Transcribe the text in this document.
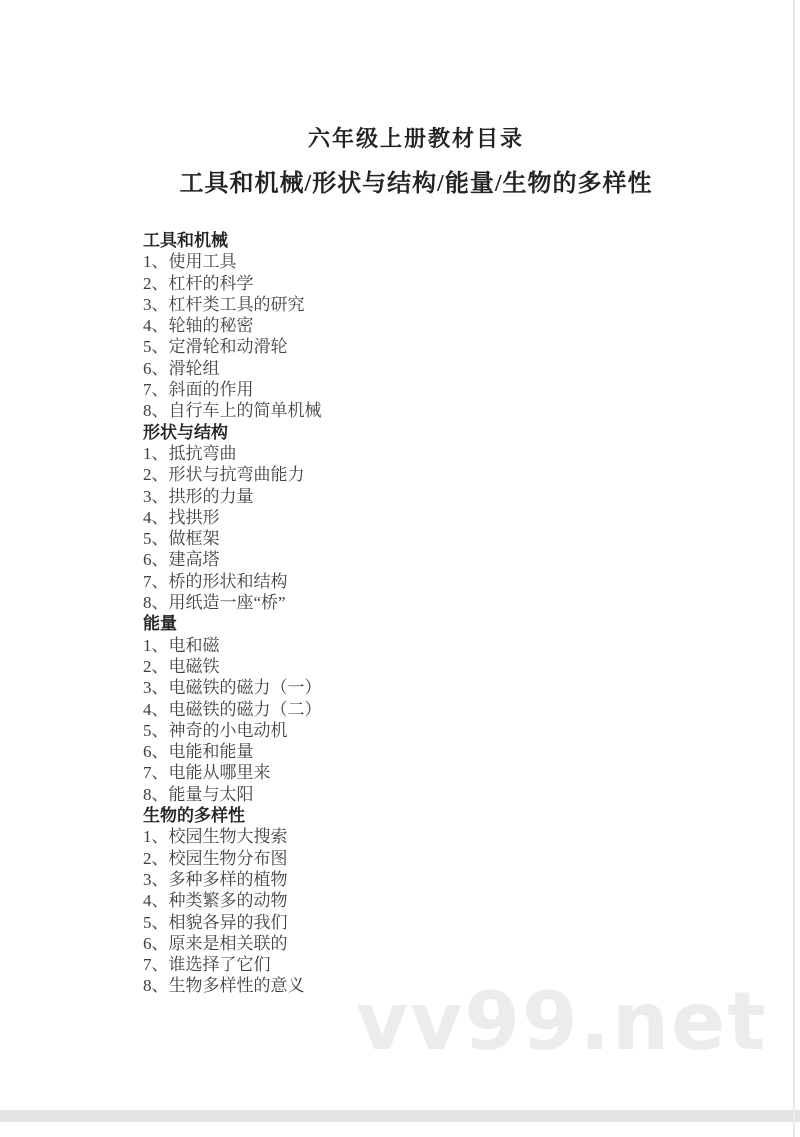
六年级上册教材目录
工具和机械/形状与结构/能量/生物的多样性
工具和机械
1、使用工具
2、杠杆的科学
3、杠杆类工具的研究
4、轮轴的秘密
5、定滑轮和动滑轮
6、滑轮组
7、斜面的作用
8、自行车上的简单机械
形状与结构
1、抵抗弯曲
2、形状与抗弯曲能力
3、拱形的力量
4、找拱形
5、做框架
6、建高塔
7、桥的形状和结构
8、用纸造一座“桥”
能量
1、电和磁
2、电磁铁
3、电磁铁的磁力（一）
4、电磁铁的磁力（二）
5、神奇的小电动机
6、电能和能量
7、电能从哪里来
8、能量与太阳
生物的多样性
1、校园生物大搜索
2、校园生物分布图
3、多种多样的植物
4、种类繁多的动物
5、相貌各异的我们
6、原来是相关联的
7、谁选择了它们
8、生物多样性的意义 vv99.net
